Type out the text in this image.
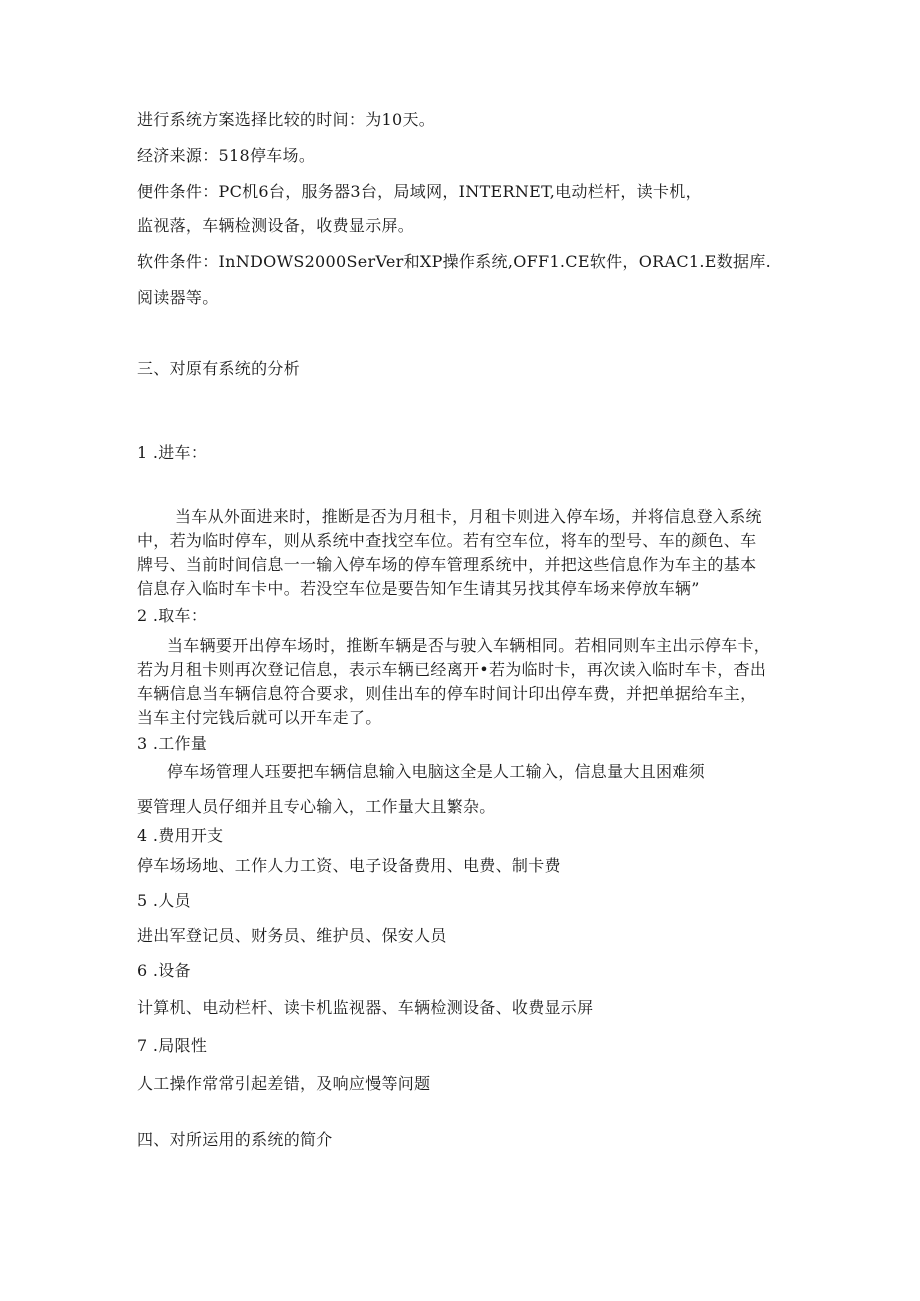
进行系统方案选择比较的时间：为10天。

经济来源：518停车场。

便件条件：PC机6台，服务器3台，局域网，INTERNET,电动栏杆，读卡机，

监视落，车辆检测设备，收费显示屏。

软件条件：InNDOWS2000SerVer和XP操作系统,OFF1.CE软件，ORAC1.E数据库.

阅读器等。

三、对原有系统的分析

1 .进车：

当车从外面进来时，推断是否为月租卡，月租卡则进入停车场，并将信息登入系统
中，若为临时停车，则从系统中查找空车位。若有空车位，将车的型号、车的颜色、车
牌号、当前时间信息一一输入停车场的停车管理系统中，并把这些信息作为车主的基本
信息存入临时车卡中。若没空车位是要告知乍生请其另找其停车场来停放车辆”

2 .取车：

当车辆要开出停车场时，推断车辆是否与驶入车辆相同。若相同则车主出示停车卡，
若为月租卡则再次登记信息，表示车辆已经离开•若为临时卡，再次读入临时车卡，杳出
车辆信息当车辆信息符合要求，则佳出车的停车时间计印出停车费，并把单据给车主，
当车主付完钱后就可以开车走了。

3 .工作量

停车场管理人珏要把车辆信息输入电脑这全是人工输入，信息量大且困难须

要管理人员仔细并且专心输入，工作量大且繁杂。

4 .费用开支

停车场场地、工作人力工资、电子设备费用、电费、制卡费

5 .人员

进出军登记员、财务员、维护员、保安人员

6 .设备

计算机、电动栏杆、读卡机监视器、车辆检测设备、收费显示屏

7 .局限性

人工操作常常引起差错，及响应慢等问题

四、对所运用的系统的简介
